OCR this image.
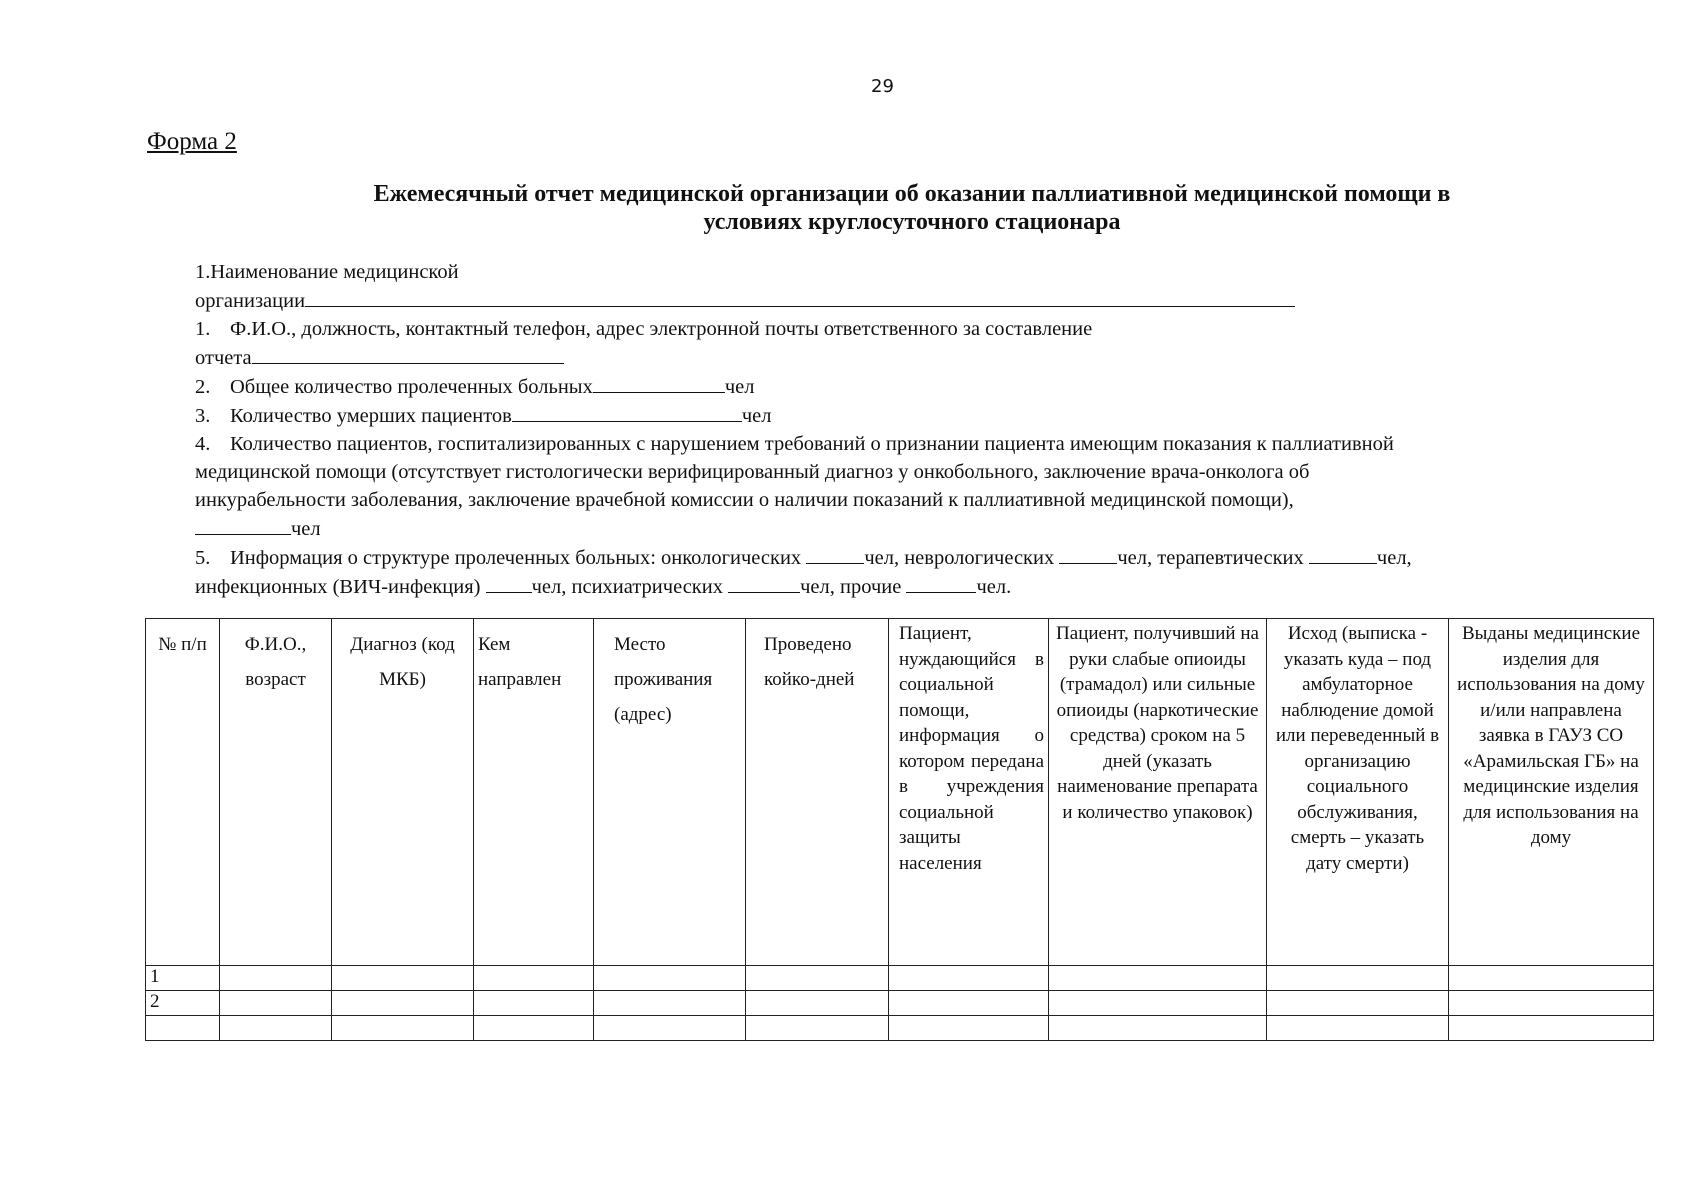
29
Форма 2
Ежемесячный отчет медицинской организации об оказании паллиативной медицинской помощи в
условиях круглосуточного стационара
1.Наименование медицинской
организации
1. Ф.И.О., должность, контактный телефон, адрес электронной почты ответственного за составление
отчета
2. Общее количество пролеченных больных	чел
3. Количество умерших пациентов	чел
4. Количество пациентов, госпитализированных с нарушением требований о признании пациента имеющим показания к паллиативной
медицинской помощи (отсутствует гистологически верифицированный диагноз у онкобольного, заключение врача-онколога об
инкурабельности заболевания, заключение врачебной комиссии о наличии показаний к паллиативной медицинской помощи),
чел
5. Информация о структуре пролеченных больных: онкологических	чел, неврологических	чел, терапевтических	чел,
инфекционных (ВИЧ-инфекция) чел, психиатрических	чел, прочие	чел.
№ п/п	Ф.И.О., возраст	Диагноз (код МКБ)	Кем направлен	Место проживания (адрес)	Проведено койко-дней	Пациент, нуждающийся в социальной помощи, информация о котором передана в учреждения социальной защиты населения	Пациент, получивший на руки слабые опиоиды (трамадол) или сильные опиоиды (наркотические средства) сроком на 5 дней (указать наименование препарата и количество упаковок)	Исход (выписка - указать куда – под амбулаторное наблюдение домой или переведенный в организацию социального обслуживания, смерть – указать дату смерти)	Выданы медицинские изделия для использования на дому и/или направлена заявка в ГАУЗ СО «Арамильская ГБ» на медицинские изделия для использования на дому
1									
2									
